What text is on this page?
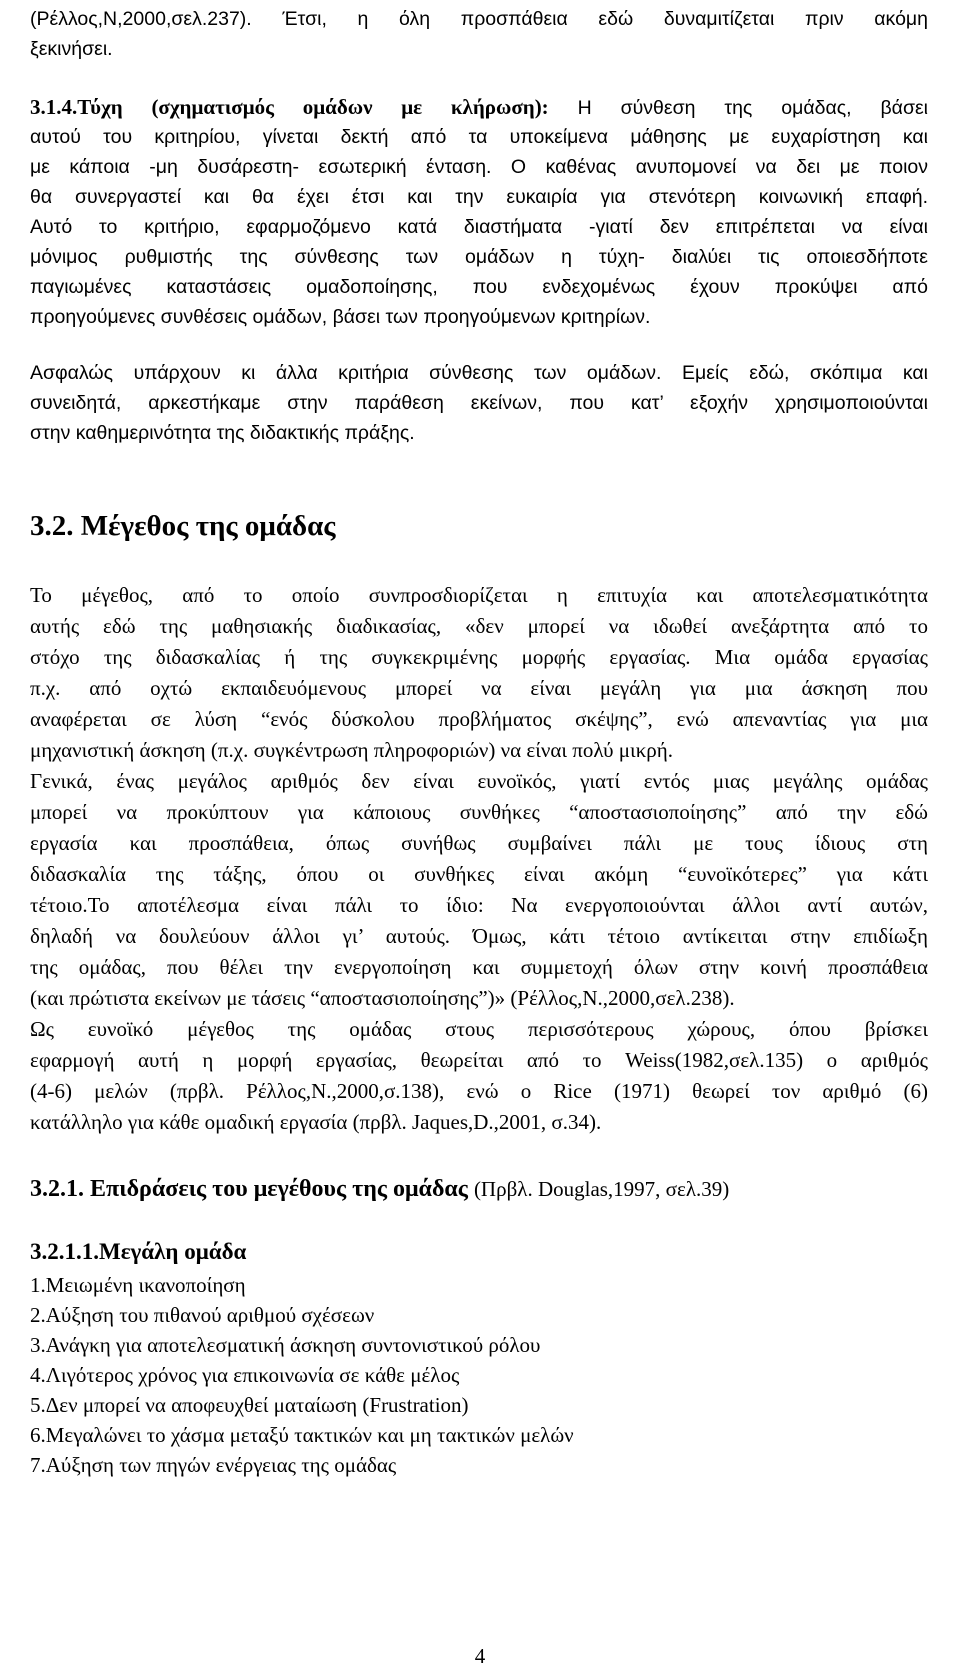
(Ρέλλος,Ν,2000,σελ.237). Έτσι, η όλη προσπάθεια εδώ δυναμιτίζεται πριν ακόμη
ξεκινήσει.
3.1.4.Τύχη (σχηματισμός ομάδων με κλήρωση): Η σύνθεση της ομάδας, βάσει
αυτού του κριτηρίου, γίνεται δεκτή από τα υποκείμενα μάθησης με ευχαρίστηση και
με κάποια -μη δυσάρεστη- εσωτερική ένταση. Ο καθένας ανυπομονεί να δει με ποιον
θα συνεργαστεί και θα έχει έτσι και την ευκαιρία για στενότερη κοινωνική επαφή.
Αυτό το κριτήριο, εφαρμοζόμενο κατά διαστήματα -γιατί δεν επιτρέπεται να είναι
μόνιμος ρυθμιστής της σύνθεσης των ομάδων η τύχη- διαλύει τις οποιεσδήποτε
παγιωμένες καταστάσεις ομαδοποίησης, που ενδεχομένως έχουν προκύψει από
προηγούμενες συνθέσεις ομάδων, βάσει των προηγούμενων κριτηρίων.
Ασφαλώς υπάρχουν κι άλλα κριτήρια σύνθεσης των ομάδων. Εμείς εδώ, σκόπιμα και
συνειδητά, αρκεστήκαμε στην παράθεση εκείνων, που κατ’ εξοχήν χρησιμοποιούνται
στην καθημερινότητα της διδακτικής πράξης.
3.2. Μέγεθος της ομάδας
Το μέγεθος, από το οποίο συνπροσδιορίζεται η επιτυχία και αποτελεσματικότητα
αυτής εδώ της μαθησιακής διαδικασίας, «δεν μπορεί να ιδωθεί ανεξάρτητα από το
στόχο της διδασκαλίας ή της συγκεκριμένης μορφής εργασίας. Μια ομάδα εργασίας
π.χ. από οχτώ εκπαιδευόμενους μπορεί να είναι μεγάλη για μια άσκηση που
αναφέρεται σε λύση “ενός δύσκολου προβλήματος σκέψης”, ενώ απεναντίας για μια
μηχανιστική άσκηση (π.χ. συγκέντρωση πληροφοριών) να είναι πολύ μικρή.
Γενικά, ένας μεγάλος αριθμός δεν είναι ευνοϊκός, γιατί εντός μιας μεγάλης ομάδας
μπορεί να προκύπτουν για κάποιους συνθήκες “αποστασιοποίησης” από την εδώ
εργασία και προσπάθεια, όπως συνήθως συμβαίνει πάλι με τους ίδιους στη
διδασκαλία της τάξης, όπου οι συνθήκες είναι ακόμη “ευνοϊκότερες” για κάτι
τέτοιο.Το αποτέλεσμα είναι πάλι το ίδιο: Να ενεργοποιούνται άλλοι αντί αυτών,
δηλαδή να δουλεύουν άλλοι γι’ αυτούς. Όμως, κάτι τέτοιο αντίκειται στην επιδίωξη
της ομάδας, που θέλει την ενεργοποίηση και συμμετοχή όλων στην κοινή προσπάθεια
(και πρώτιστα εκείνων με τάσεις “αποστασιοποίησης”)» (Ρέλλος,Ν.,2000,σελ.238).
Ως ευνοϊκό μέγεθος της ομάδας στους περισσότερους χώρους, όπου βρίσκει
εφαρμογή αυτή η μορφή εργασίας, θεωρείται από το Weiss(1982,σελ.135) ο αριθμός
(4-6) μελών (πρβλ. Ρέλλος,Ν.,2000,σ.138), ενώ ο Rice (1971) θεωρεί τον αριθμό (6)
κατάλληλο για κάθε ομαδική εργασία (πρβλ. Jaques,D.,2001, σ.34).
3.2.1. Επιδράσεις του μεγέθους της ομάδας (Πρβλ. Douglas,1997, σελ.39)
3.2.1.1.Μεγάλη ομάδα
1.Μειωμένη ικανοποίηση
2.Αύξηση του πιθανού αριθμού σχέσεων
3.Ανάγκη για αποτελεσματική άσκηση συντονιστικού ρόλου
4.Λιγότερος χρόνος για επικοινωνία σε κάθε μέλος
5.Δεν μπορεί να αποφευχθεί ματαίωση (Frustration)
6.Μεγαλώνει το χάσμα μεταξύ τακτικών και μη τακτικών μελών
7.Αύξηση των πηγών ενέργειας της ομάδας
4
